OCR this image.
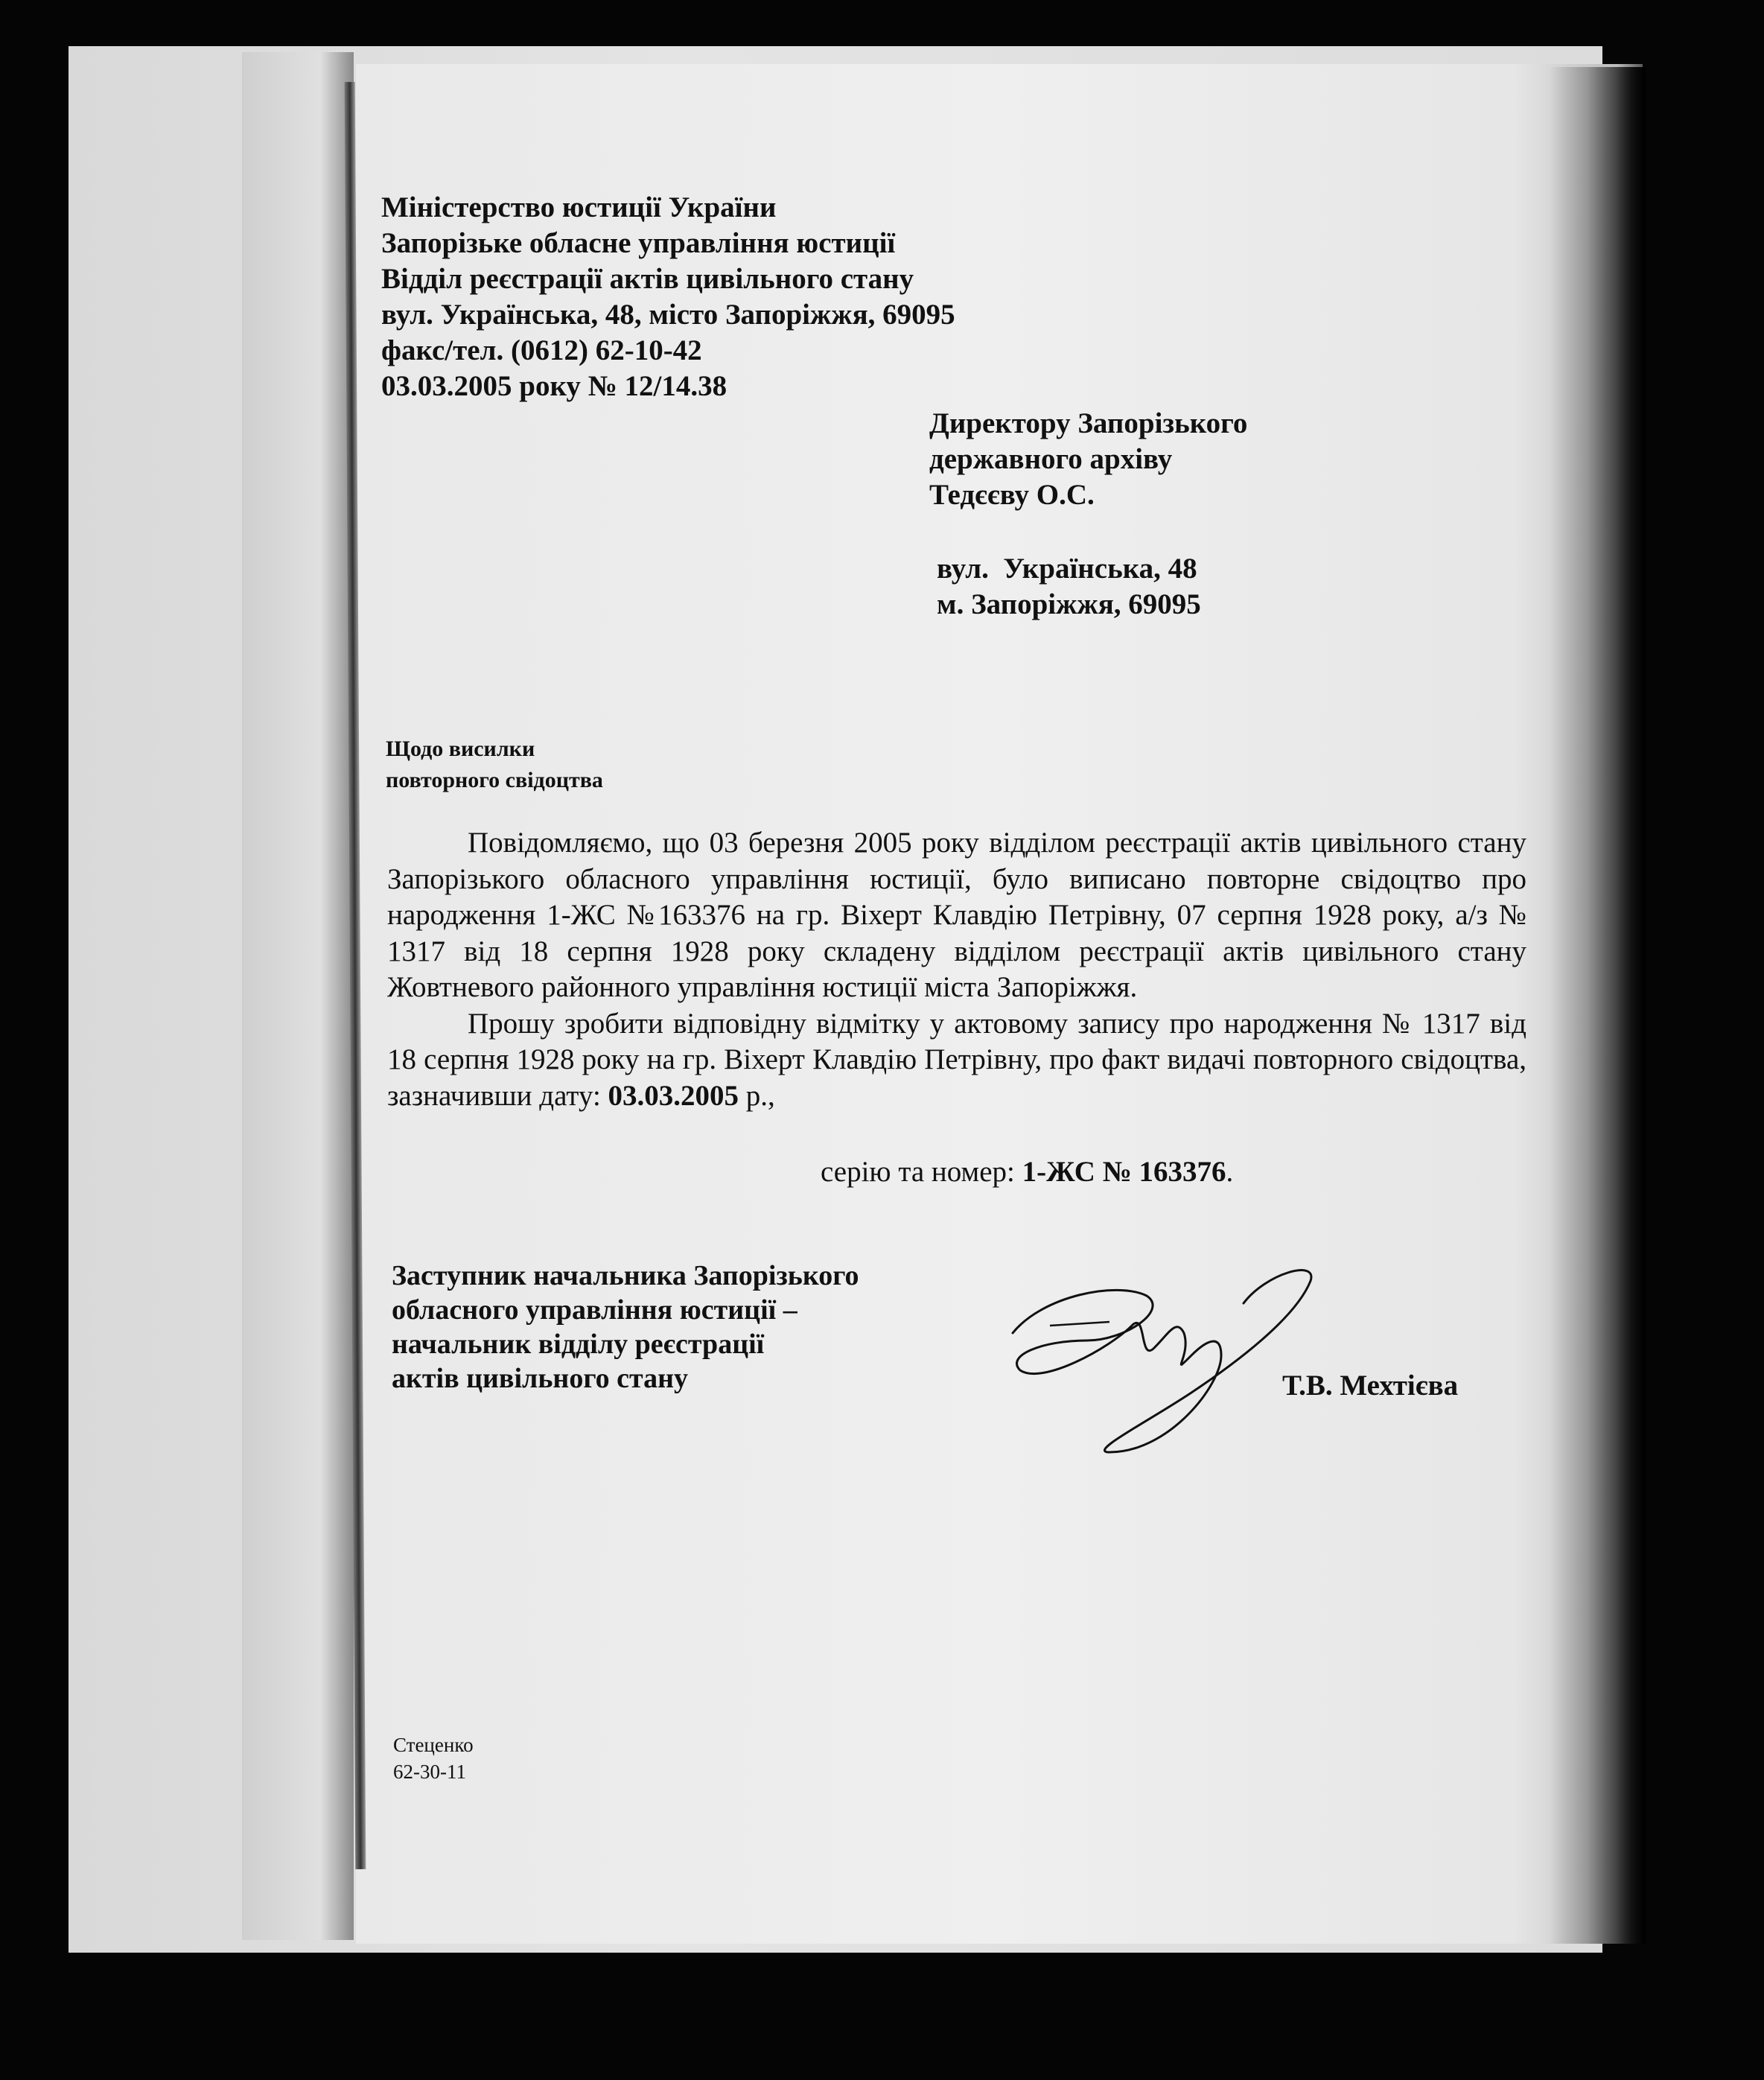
Міністерство юстиції України
Запорізьке обласне управління юстиції
Відділ реєстрації актів цивільного стану
вул. Українська, 48, місто Запоріжжя, 69095
факс/тел. (0612) 62-10-42
03.03.2005 року № 12/14.38
Директору Запорізького
державного архіву
Тедєєву О.С.
вул.  Українська, 48
м. Запоріжжя, 69095
Щодо висилки
повторного свідоцтва

Повідомляємо, що 03 березня 2005 року відділом реєстрації актів цивільного стану Запорізького обласного управління юстиції, було виписано повторне свідоцтво про народження 1-ЖС №163376 на гр. Віхерт Клавдію Петрівну, 07 серпня 1928 року, а/з № 1317 від 18 серпня 1928 року складену відділом реєстрації актів цивільного стану Жовтневого районного управління юстиції міста Запоріжжя.

Прошу зробити відповідну відмітку у актовому запису про народження № 1317 від 18 серпня 1928 року на гр. Віхерт Клавдію Петрівну, про факт видачі повторного свідоцтва, зазначивши дату: 03.03.2005 р.,

серію та номер: 1-ЖС № 163376.
Заступник начальника Запорізького
обласного управління юстиції –
начальник відділу реєстрації
актів цивільного стану	Т.В. Мехтієва
Стеценко
62-30-11
